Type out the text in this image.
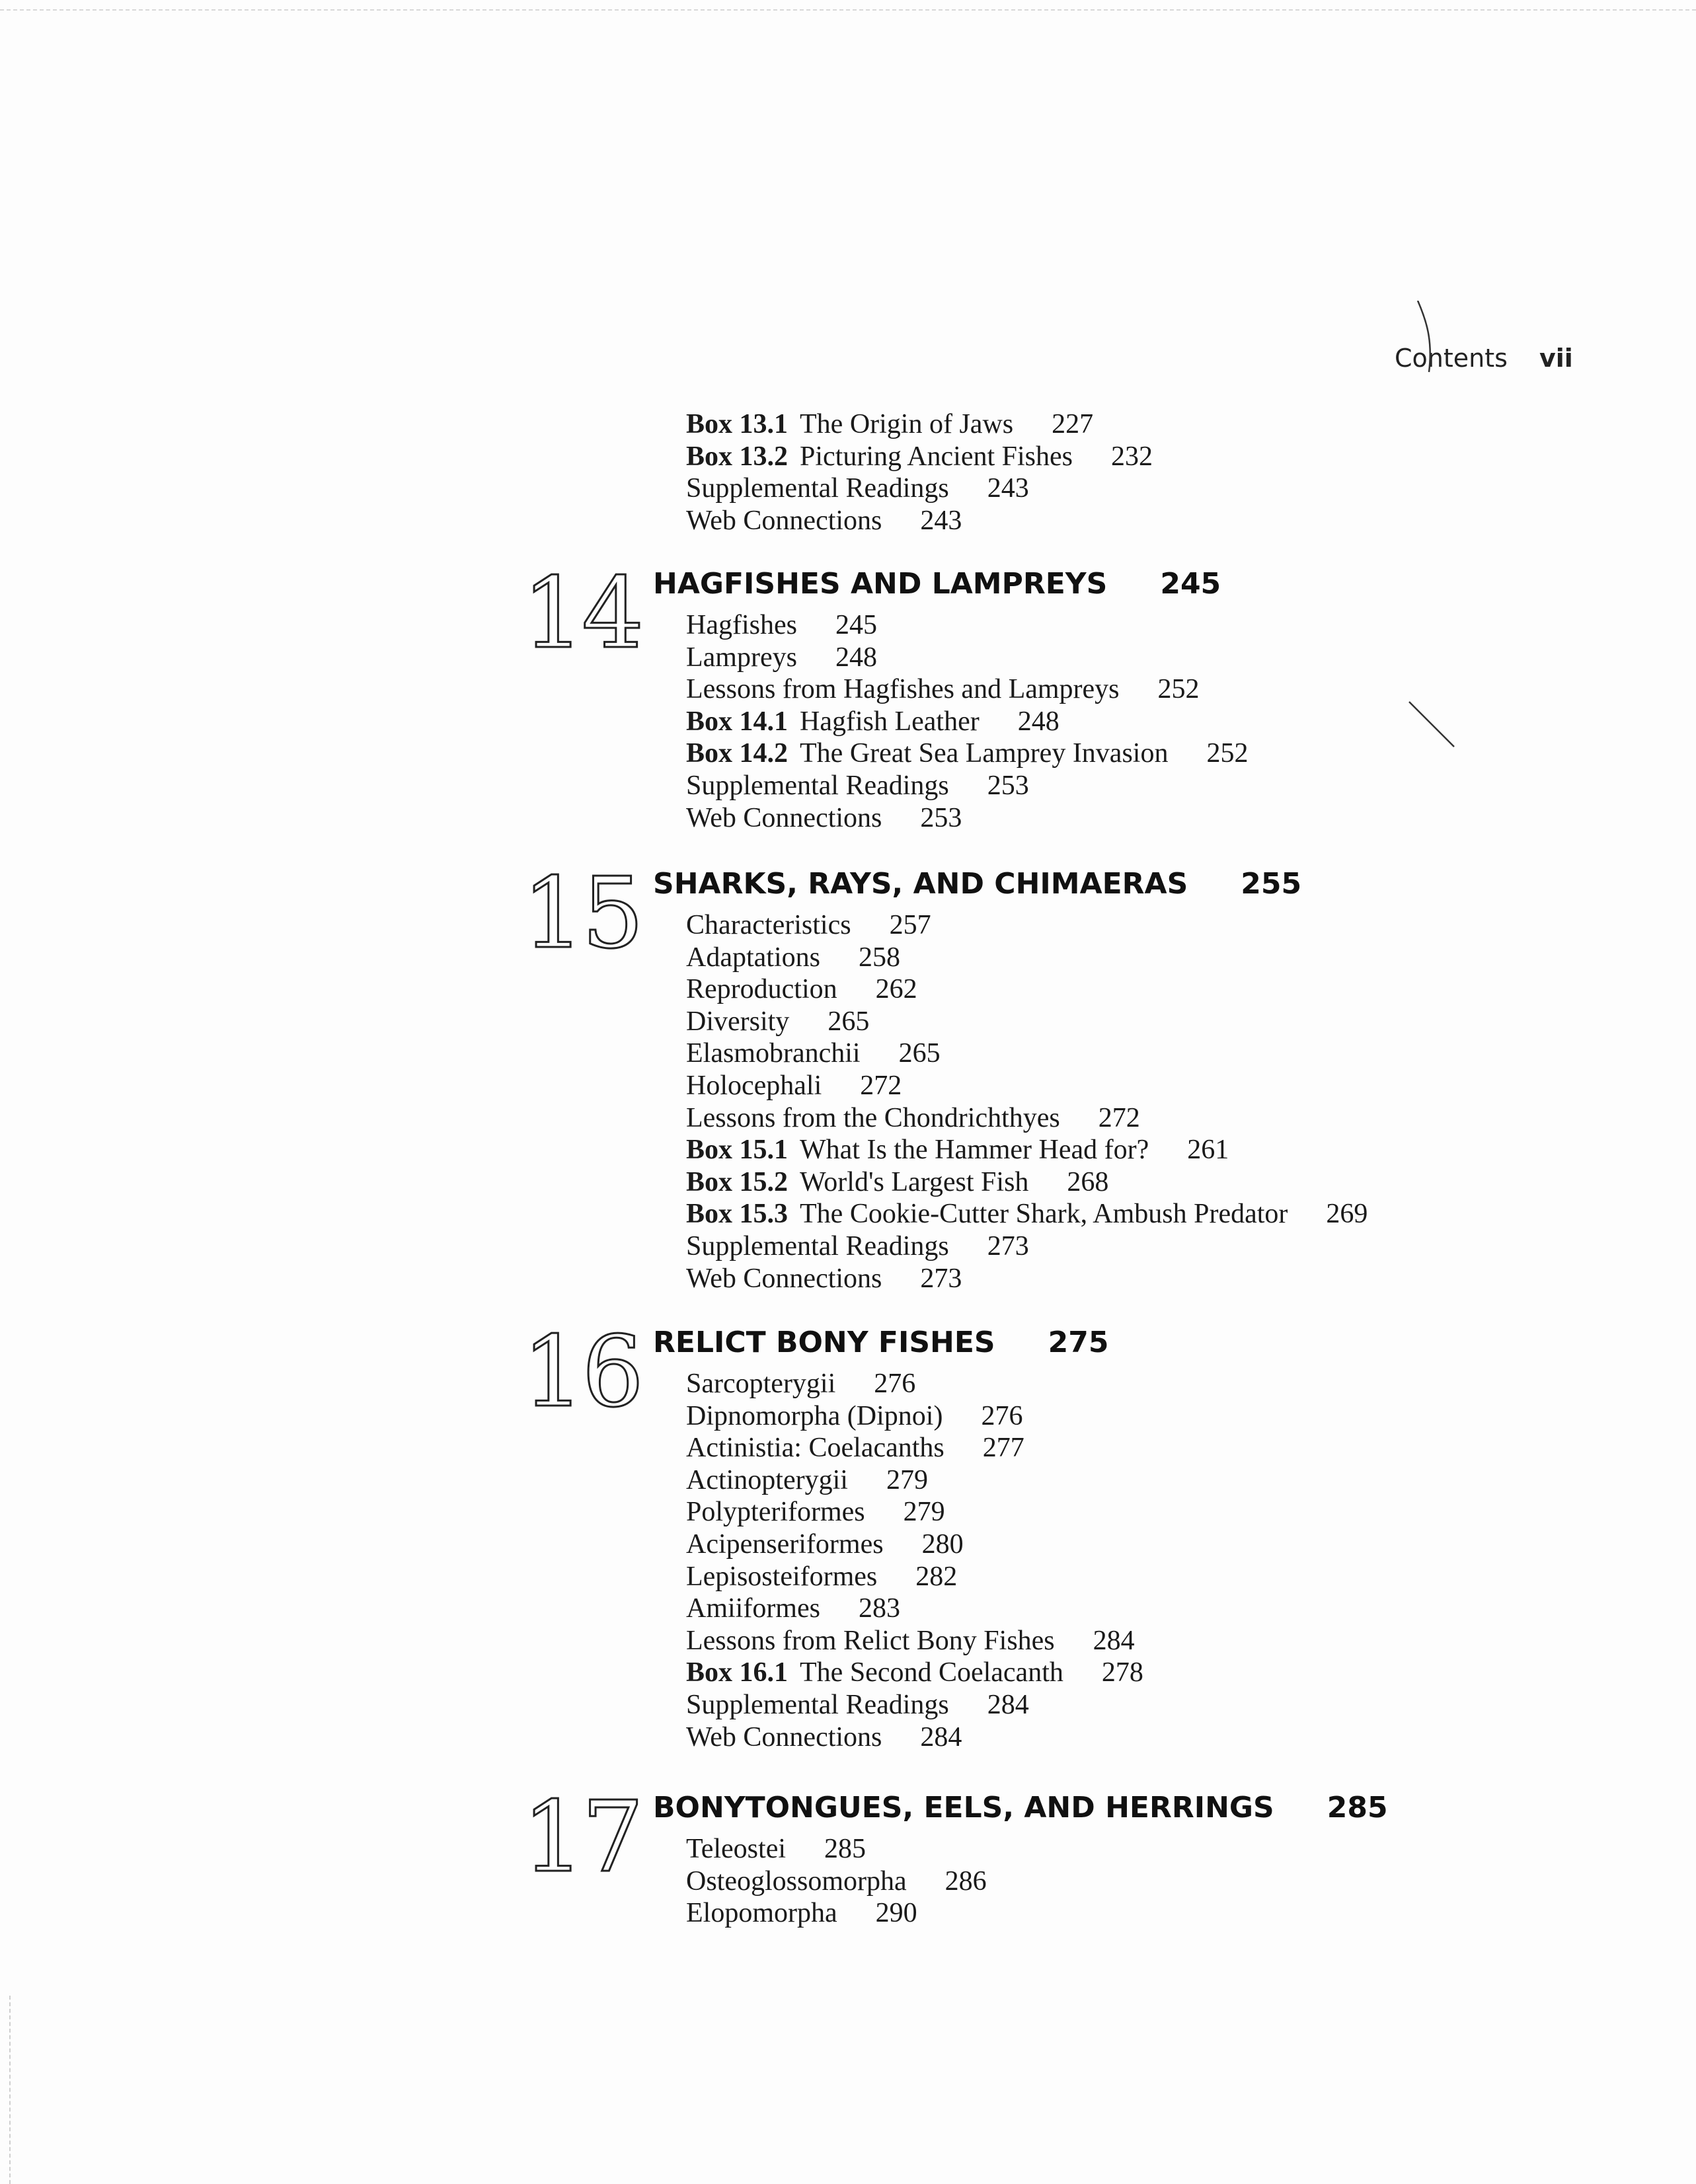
Contents vii
Box 13.1 The Origin of Jaws 227
Box 13.2 Picturing Ancient Fishes 232
Supplemental Readings 243
Web Connections 243
14 HAGFISHES AND LAMPREYS 245
Hagfishes 245
Lampreys 248
Lessons from Hagfishes and Lampreys 252
Box 14.1 Hagfish Leather 248
Box 14.2 The Great Sea Lamprey Invasion 252
Supplemental Readings 253
Web Connections 253
15 SHARKS, RAYS, AND CHIMAERAS 255
Characteristics 257
Adaptations 258
Reproduction 262
Diversity 265
Elasmobranchii 265
Holocephali 272
Lessons from the Chondrichthyes 272
Box 15.1 What Is the Hammer Head for? 261
Box 15.2 World's Largest Fish 268
Box 15.3 The Cookie-Cutter Shark, Ambush Predator 269
Supplemental Readings 273
Web Connections 273
16 RELICT BONY FISHES 275
Sarcopterygii 276
Dipnomorpha (Dipnoi) 276
Actinistia: Coelacanths 277
Actinopterygii 279
Polypteriformes 279
Acipenseriformes 280
Lepisosteiformes 282
Amiiformes 283
Lessons from Relict Bony Fishes 284
Box 16.1 The Second Coelacanth 278
Supplemental Readings 284
Web Connections 284
17 BONYTONGUES, EELS, AND HERRINGS 285
Teleostei 285
Osteoglossomorpha 286
Elopomorpha 290
